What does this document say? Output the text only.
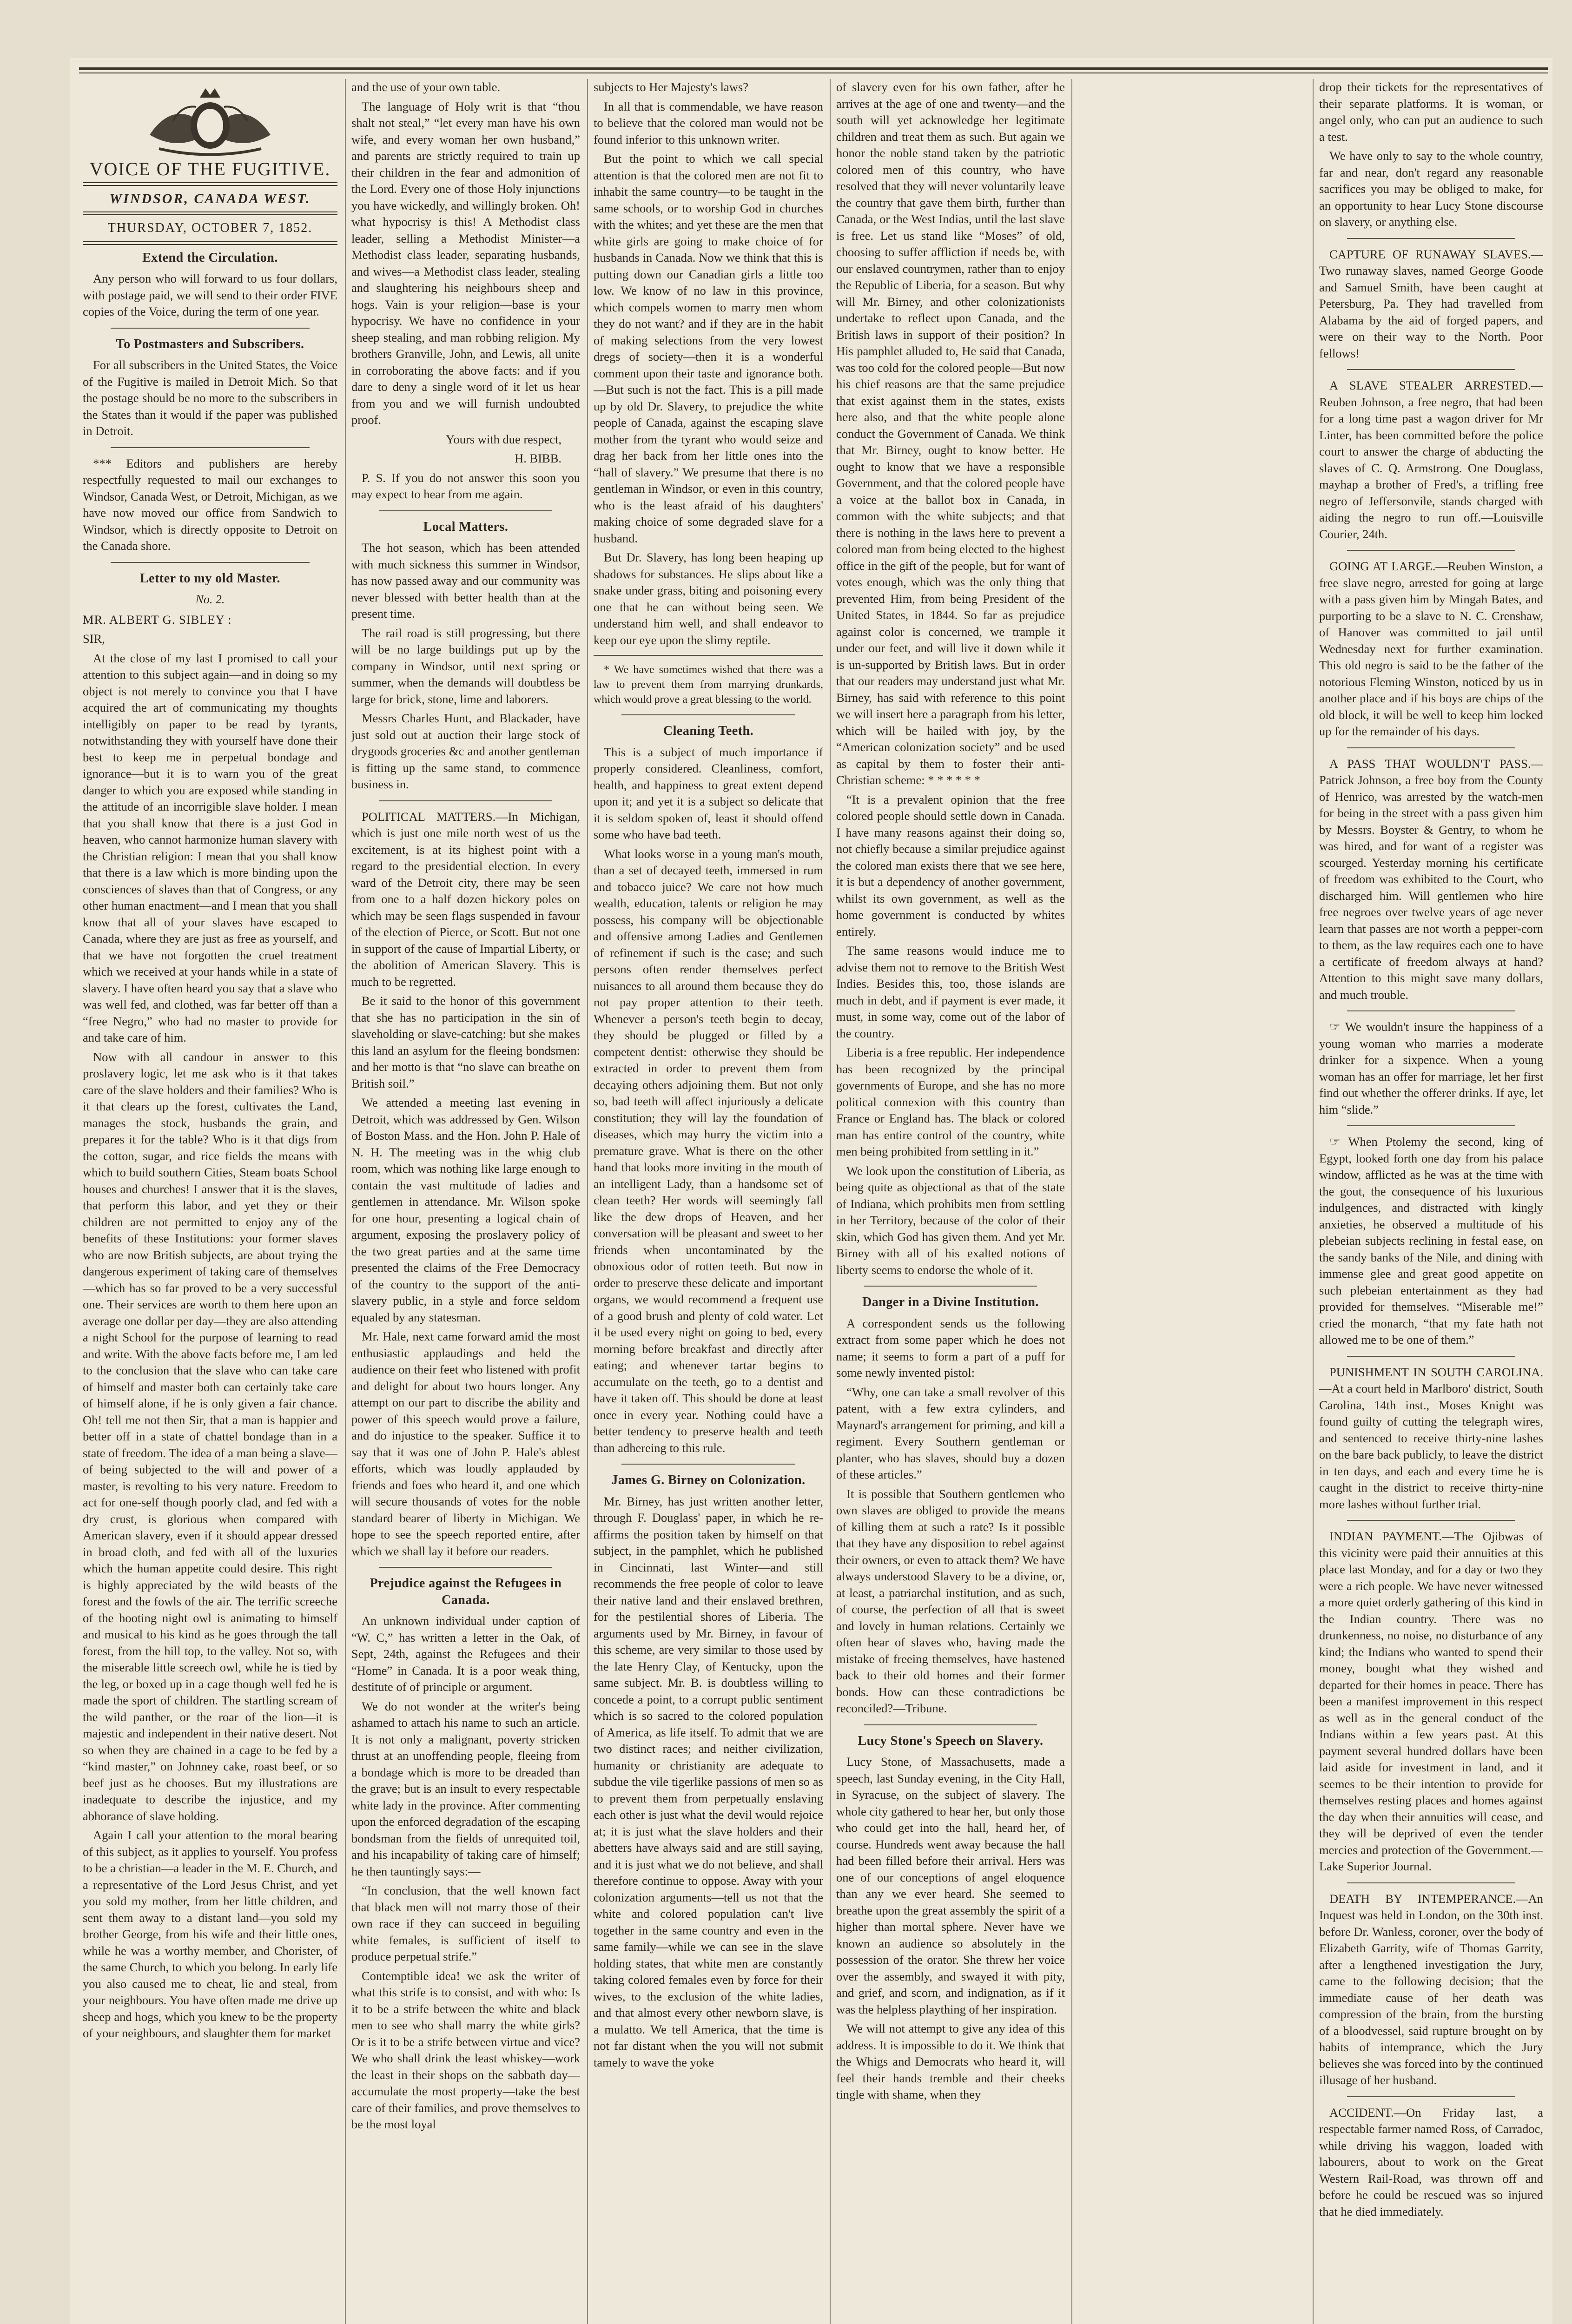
VOICE OF THE FUGITIVE.
WINDSOR, CANADA WEST.
THURSDAY, OCTOBER 7, 1852.
Extend the Circulation.

Any person who will forward to us four dollars, with postage paid, we will send to their order FIVE copies of the Voice, during the term of one year.

To Postmasters and Subscribers.

For all subscribers in the United States, the Voice of the Fugitive is mailed in Detroit Mich. So that the postage should be no more to the subscribers in the States than it would if the paper was published in Detroit.

*** Editors and publishers are hereby respectfully requested to mail our exchanges to Windsor, Canada West, or Detroit, Michigan, as we have now moved our office from Sandwich to Windsor, which is directly opposite to Detroit on the Canada shore.

Letter to my old Master.
No. 2.

MR. ALBERT G. SIBLEY :

SIR,

At the close of my last I promised to call your attention to this subject again—and in doing so my object is not merely to convince you that I have acquired the art of communicating my thoughts intelligibly on paper to be read by tyrants, notwithstanding they with yourself have done their best to keep me in perpetual bondage and ignorance—but it is to warn you of the great danger to which you are exposed while standing in the attitude of an incorrigible slave holder. I mean that you shall know that there is a just God in heaven, who cannot harmonize human slavery with the Christian religion: I mean that you shall know that there is a law which is more binding upon the consciences of slaves than that of Congress, or any other human enactment—and I mean that you shall know that all of your slaves have escaped to Canada, where they are just as free as yourself, and that we have not forgotten the cruel treatment which we received at your hands while in a state of slavery. I have often heard you say that a slave who was well fed, and clothed, was far better off than a “free Negro,” who had no master to provide for and take care of him.

Now with all candour in answer to this proslavery logic, let me ask who is it that takes care of the slave holders and their families? Who is it that clears up the forest, cultivates the Land, manages the stock, husbands the grain, and prepares it for the table? Who is it that digs from the cotton, sugar, and rice fields the means with which to build southern Cities, Steam boats School houses and churches! I answer that it is the slaves, that perform this labor, and yet they or their children are not permitted to enjoy any of the benefits of these Institutions: your former slaves who are now British subjects, are about trying the dangerous experiment of taking care of themselves—which has so far proved to be a very successful one. Their services are worth to them here upon an average one dollar per day—they are also attending a night School for the purpose of learning to read and write. With the above facts before me, I am led to the conclusion that the slave who can take care of himself and master both can certainly take care of himself alone, if he is only given a fair chance. Oh! tell me not then Sir, that a man is happier and better off in a state of chattel bondage than in a state of freedom. The idea of a man being a slave—of being subjected to the will and power of a master, is revolting to his very nature. Freedom to act for one-self though poorly clad, and fed with a dry crust, is glorious when compared with American slavery, even if it should appear dressed in broad cloth, and fed with all of the luxuries which the human appetite could desire. This right is highly appreciated by the wild beasts of the forest and the fowls of the air. The terrific screeche of the hooting night owl is animating to himself and musical to his kind as he goes through the tall forest, from the hill top, to the valley. Not so, with the miserable little screech owl, while he is tied by the leg, or boxed up in a cage though well fed he is made the sport of children. The startling scream of the wild panther, or the roar of the lion—it is majestic and independent in their native desert. Not so when they are chained in a cage to be fed by a “kind master,” on Johnney cake, roast beef, or so beef just as he chooses. But my illustrations are inadequate to describe the injustice, and my abhorance of slave holding.

Again I call your attention to the moral bearing of this subject, as it applies to yourself. You profess to be a christian—a leader in the M. E. Church, and a representative of the Lord Jesus Christ, and yet you sold my mother, from her little children, and sent them away to a distant land—you sold my brother George, from his wife and their little ones, while he was a worthy member, and Chorister, of the same Church, to which you belong. In early life you also caused me to cheat, lie and steal, from your neighbours. You have often made me drive up sheep and hogs, which you knew to be the property of your neighbours, and slaughter them for market

and the use of your own table.

The language of Holy writ is that “thou shalt not steal,” “let every man have his own wife, and every woman her own husband,” and parents are strictly required to train up their children in the fear and admonition of the Lord. Every one of those Holy injunctions you have wickedly, and willingly broken. Oh! what hypocrisy is this! A Methodist class leader, selling a Methodist Minister—a Methodist class leader, separating husbands, and wives—a Methodist class leader, stealing and slaughtering his neighbours sheep and hogs. Vain is your religion—base is your hypocrisy. We have no confidence in your sheep stealing, and man robbing religion. My brothers Granville, John, and Lewis, all unite in corroborating the above facts: and if you dare to deny a single word of it let us hear from you and we will furnish undoubted proof.

Yours with due respect,
H. BIBB.

P. S. If you do not answer this soon you may expect to hear from me again.

Local Matters.

The hot season, which has been attended with much sickness this summer in Windsor, has now passed away and our community was never blessed with better health than at the present time.

The rail road is still progressing, but there will be no large buildings put up by the company in Windsor, until next spring or summer, when the demands will doubtless be large for brick, stone, lime and laborers.

Messrs Charles Hunt, and Blackader, have just sold out at auction their large stock of drygoods groceries &c and another gentleman is fitting up the same stand, to commence business in.

POLITICAL MATTERS.—In Michigan, which is just one mile north west of us the excitement, is at its highest point with a regard to the presidential election. In every ward of the Detroit city, there may be seen from one to a half dozen hickory poles on which may be seen flags suspended in favour of the election of Pierce, or Scott. But not one in support of the cause of Impartial Liberty, or the abolition of American Slavery. This is much to be regretted.

Be it said to the honor of this government that she has no participation in the sin of slaveholding or slave-catching: but she makes this land an asylum for the fleeing bondsmen: and her motto is that “no slave can breathe on British soil.”

We attended a meeting last evening in Detroit, which was addressed by Gen. Wilson of Boston Mass. and the Hon. John P. Hale of N. H. The meeting was in the whig club room, which was nothing like large enough to contain the vast multitude of ladies and gentlemen in attendance. Mr. Wilson spoke for one hour, presenting a logical chain of argument, exposing the proslavery policy of the two great parties and at the same time presented the claims of the Free Democracy of the country to the support of the anti-slavery public, in a style and force seldom equaled by any statesman.

Mr. Hale, next came forward amid the most enthusiastic applaudings and held the audience on their feet who listened with profit and delight for about two hours longer. Any attempt on our part to discribe the ability and power of this speech would prove a failure, and do injustice to the speaker. Suffice it to say that it was one of John P. Hale's ablest efforts, which was loudly applauded by friends and foes who heard it, and one which will secure thousands of votes for the noble standard bearer of liberty in Michigan. We hope to see the speech reported entire, after which we shall lay it before our readers.

Prejudice against the Refugees in Canada.

An unknown individual under caption of “W. C,” has written a letter in the Oak, of Sept, 24th, against the Refugees and their “Home” in Canada. It is a poor weak thing, destitute of of principle or argument.

We do not wonder at the writer's being ashamed to attach his name to such an article. It is not only a malignant, poverty stricken thrust at an unoffending people, fleeing from a bondage which is more to be dreaded than the grave; but is an insult to every respectable white lady in the province. After commenting upon the enforced degradation of the escaping bondsman from the fields of unrequited toil, and his incapability of taking care of himself; he then tauntingly says:—

“In conclusion, that the well known fact that black men will not marry those of their own race if they can succeed in beguiling white females, is sufficient of itself to produce perpetual strife.”

Contemptible idea! we ask the writer of what this strife is to consist, and with who: Is it to be a strife between the white and black men to see who shall marry the white girls? Or is it to be a strife between virtue and vice? We who shall drink the least whiskey—work the least in their shops on the sabbath day—accumulate the most property—take the best care of their families, and prove themselves to be the most loyal

subjects to Her Majesty's laws?

In all that is commendable, we have reason to believe that the colored man would not be found inferior to this unknown writer.

But the point to which we call special attention is that the colored men are not fit to inhabit the same country—to be taught in the same schools, or to worship God in churches with the whites; and yet these are the men that white girls are going to make choice of for husbands in Canada. Now we think that this is putting down our Canadian girls a little too low. We know of no law in this province, which compels women to marry men whom they do not want? and if they are in the habit of making selections from the very lowest dregs of society—then it is a wonderful comment upon their taste and ignorance both.—But such is not the fact. This is a pill made up by old Dr. Slavery, to prejudice the white people of Canada, against the escaping slave mother from the tyrant who would seize and drag her back from her little ones into the “hall of slavery.” We presume that there is no gentleman in Windsor, or even in this country, who is the least afraid of his daughters' making choice of some degraded slave for a husband.

But Dr. Slavery, has long been heaping up shadows for substances. He slips about like a snake under grass, biting and poisoning every one that he can without being seen. We understand him well, and shall endeavor to keep our eye upon the slimy reptile.

* We have sometimes wished that there was a law to prevent them from marrying drunkards, which would prove a great blessing to the world.

Cleaning Teeth.

This is a subject of much importance if properly considered. Cleanliness, comfort, health, and happiness to great extent depend upon it; and yet it is a subject so delicate that it is seldom spoken of, least it should offend some who have bad teeth.

What looks worse in a young man's mouth, than a set of decayed teeth, immersed in rum and tobacco juice? We care not how much wealth, education, talents or religion he may possess, his company will be objectionable and offensive among Ladies and Gentlemen of refinement if such is the case; and such persons often render themselves perfect nuisances to all around them because they do not pay proper attention to their teeth. Whenever a person's teeth begin to decay, they should be plugged or filled by a competent dentist: otherwise they should be extracted in order to prevent them from decaying others adjoining them. But not only so, bad teeth will affect injuriously a delicate constitution; they will lay the foundation of diseases, which may hurry the victim into a premature grave. What is there on the other hand that looks more inviting in the mouth of an intelligent Lady, than a handsome set of clean teeth? Her words will seemingly fall like the dew drops of Heaven, and her conversation will be pleasant and sweet to her friends when uncontaminated by the obnoxious odor of rotten teeth. But now in order to preserve these delicate and important organs, we would recommend a frequent use of a good brush and plenty of cold water. Let it be used every night on going to bed, every morning before breakfast and directly after eating; and whenever tartar begins to accumulate on the teeth, go to a dentist and have it taken off. This should be done at least once in every year. Nothing could have a better tendency to preserve health and teeth than adhereing to this rule.

James G. Birney on Colonization.

Mr. Birney, has just written another letter, through F. Douglass' paper, in which he re-affirms the position taken by himself on that subject, in the pamphlet, which he published in Cincinnati, last Winter—and still recommends the free people of color to leave their native land and their enslaved brethren, for the pestilential shores of Liberia. The arguments used by Mr. Birney, in favour of this scheme, are very similar to those used by the late Henry Clay, of Kentucky, upon the same subject. Mr. B. is doubtless willing to concede a point, to a corrupt public sentiment which is so sacred to the colored population of America, as life itself. To admit that we are two distinct races; and neither civilization, humanity or christianity are adequate to subdue the vile tigerlike passions of men so as to prevent them from perpetually enslaving each other is just what the devil would rejoice at; it is just what the slave holders and their abetters have always said and are still saying, and it is just what we do not believe, and shall therefore continue to oppose. Away with your colonization arguments—tell us not that the white and colored population can't live together in the same country and even in the same family—while we can see in the slave holding states, that white men are constantly taking colored females even by force for their wives, to the exclusion of the white ladies, and that almost every other newborn slave, is a mulatto. We tell America, that the time is not far distant when the you will not submit tamely to wave the yoke

of slavery even for his own father, after he arrives at the age of one and twenty—and the south will yet acknowledge her legitimate children and treat them as such. But again we honor the noble stand taken by the patriotic colored men of this country, who have resolved that they will never voluntarily leave the country that gave them birth, further than Canada, or the West Indias, until the last slave is free. Let us stand like “Moses” of old, choosing to suffer affliction if needs be, with our enslaved countrymen, rather than to enjoy the Republic of Liberia, for a season. But why will Mr. Birney, and other colonizationists undertake to reflect upon Canada, and the British laws in support of their position? In His pamphlet alluded to, He said that Canada, was too cold for the colored people—But now his chief reasons are that the same prejudice that exist against them in the states, exists here also, and that the white people alone conduct the Government of Canada. We think that Mr. Birney, ought to know better. He ought to know that we have a responsible Government, and that the colored people have a voice at the ballot box in Canada, in common with the white subjects; and that there is nothing in the laws here to prevent a colored man from being elected to the highest office in the gift of the people, but for want of votes enough, which was the only thing that prevented Him, from being President of the United States, in 1844. So far as prejudice against color is concerned, we trample it under our feet, and will live it down while it is un-supported by British laws. But in order that our readers may understand just what Mr. Birney, has said with reference to this point we will insert here a paragraph from his letter, which will be hailed with joy, by the “American colonization society” and be used as capital by them to foster their anti-Christian scheme: * * * * * *

“It is a prevalent opinion that the free colored people should settle down in Canada. I have many reasons against their doing so, not chiefly because a similar prejudice against the colored man exists there that we see here, it is but a dependency of another government, whilst its own government, as well as the home government is conducted by whites entirely.

The same reasons would induce me to advise them not to remove to the British West Indies. Besides this, too, those islands are much in debt, and if payment is ever made, it must, in some way, come out of the labor of the country.

Liberia is a free republic. Her independence has been recognized by the principal governments of Europe, and she has no more political connexion with this country than France or England has. The black or colored man has entire control of the country, white men being prohibited from settling in it.”

We look upon the constitution of Liberia, as being quite as objectional as that of the state of Indiana, which prohibits men from settling in her Territory, because of the color of their skin, which God has given them. And yet Mr. Birney with all of his exalted notions of liberty seems to endorse the whole of it.

Danger in a Divine Institution.

A correspondent sends us the following extract from some paper which he does not name; it seems to form a part of a puff for some newly invented pistol:

“Why, one can take a small revolver of this patent, with a few extra cylinders, and Maynard's arrangement for priming, and kill a regiment. Every Southern gentleman or planter, who has slaves, should buy a dozen of these articles.”

It is possible that Southern gentlemen who own slaves are obliged to provide the means of killing them at such a rate? Is it possible that they have any disposition to rebel against their owners, or even to attack them? We have always understood Slavery to be a divine, or, at least, a patriarchal institution, and as such, of course, the perfection of all that is sweet and lovely in human relations. Certainly we often hear of slaves who, having made the mistake of freeing themselves, have hastened back to their old homes and their former bonds. How can these contradictions be reconciled?—Tribune.

Lucy Stone's Speech on Slavery.

Lucy Stone, of Massachusetts, made a speech, last Sunday evening, in the City Hall, in Syracuse, on the subject of slavery. The whole city gathered to hear her, but only those who could get into the hall, heard her, of course. Hundreds went away because the hall had been filled before their arrival. Hers was one of our conceptions of angel eloquence than any we ever heard. She seemed to breathe upon the great assembly the spirit of a higher than mortal sphere. Never have we known an audience so absolutely in the possession of the orator. She threw her voice over the assembly, and swayed it with pity, and grief, and scorn, and indignation, as if it was the helpless plaything of her inspiration.

We will not attempt to give any idea of this address. It is impossible to do it. We think that the Whigs and Democrats who heard it, will feel their hands tremble and their cheeks tingle with shame, when they

drop their tickets for the representatives of their separate platforms. It is woman, or angel only, who can put an audience to such a test.

We have only to say to the whole country, far and near, don't regard any reasonable sacrifices you may be obliged to make, for an opportunity to hear Lucy Stone discourse on slavery, or anything else.

CAPTURE OF RUNAWAY SLAVES.—Two runaway slaves, named George Goode and Samuel Smith, have been caught at Petersburg, Pa. They had travelled from Alabama by the aid of forged papers, and were on their way to the North. Poor fellows!

A SLAVE STEALER ARRESTED.—Reuben Johnson, a free negro, that had been for a long time past a wagon driver for Mr Linter, has been committed before the police court to answer the charge of abducting the slaves of C. Q. Armstrong. One Douglass, mayhap a brother of Fred's, a trifling free negro of Jeffersonvile, stands charged with aiding the negro to run off.—Louisville Courier, 24th.

GOING AT LARGE.—Reuben Winston, a free slave negro, arrested for going at large with a pass given him by Mingah Bates, and purporting to be a slave to N. C. Crenshaw, of Hanover was committed to jail until Wednesday next for further examination. This old negro is said to be the father of the notorious Fleming Winston, noticed by us in another place and if his boys are chips of the old block, it will be well to keep him locked up for the remainder of his days.

A PASS THAT WOULDN'T PASS.—Patrick Johnson, a free boy from the County of Henrico, was arrested by the watch-men for being in the street with a pass given him by Messrs. Boyster & Gentry, to whom he was hired, and for want of a register was scourged. Yesterday morning his certificate of freedom was exhibited to the Court, who discharged him. Will gentlemen who hire free negroes over twelve years of age never learn that passes are not worth a pepper-corn to them, as the law requires each one to have a certificate of freedom always at hand? Attention to this might save many dollars, and much trouble.

☞ We wouldn't insure the happiness of a young woman who marries a moderate drinker for a sixpence. When a young woman has an offer for marriage, let her first find out whether the offerer drinks. If aye, let him “slide.”

☞ When Ptolemy the second, king of Egypt, looked forth one day from his palace window, afflicted as he was at the time with the gout, the consequence of his luxurious indulgences, and distracted with kingly anxieties, he observed a multitude of his plebeian subjects reclining in festal ease, on the sandy banks of the Nile, and dining with immense glee and great good appetite on such plebeian entertainment as they had provided for themselves. “Miserable me!” cried the monarch, “that my fate hath not allowed me to be one of them.”

PUNISHMENT IN SOUTH CAROLINA.—At a court held in Marlboro' district, South Carolina, 14th inst., Moses Knight was found guilty of cutting the telegraph wires, and sentenced to receive thirty-nine lashes on the bare back publicly, to leave the district in ten days, and each and every time he is caught in the district to receive thirty-nine more lashes without further trial.

INDIAN PAYMENT.—The Ojibwas of this vicinity were paid their annuities at this place last Monday, and for a day or two they were a rich people. We have never witnessed a more quiet orderly gathering of this kind in the Indian country. There was no drunkenness, no noise, no disturbance of any kind; the Indians who wanted to spend their money, bought what they wished and departed for their homes in peace. There has been a manifest improvement in this respect as well as in the general conduct of the Indians within a few years past. At this payment several hundred dollars have been laid aside for investment in land, and it seemes to be their intention to provide for themselves resting places and homes against the day when their annuities will cease, and they will be deprived of even the tender mercies and protection of the Government.—Lake Superior Journal.

DEATH BY INTEMPERANCE.—An Inquest was held in London, on the 30th inst. before Dr. Wanless, coroner, over the body of Elizabeth Garrity, wife of Thomas Garrity, after a lengthened investigation the Jury, came to the following decision; that the immediate cause of her death was compression of the brain, from the bursting of a bloodvessel, said rupture brought on by habits of intemprance, which the Jury believes she was forced into by the continued illusage of her husband.

ACCIDENT.—On Friday last, a respectable farmer named Ross, of Carradoc, while driving his waggon, loaded with labourers, about to work on the Great Western Rail-Road, was thrown off and before he could be rescued was so injured that he died immediately.
